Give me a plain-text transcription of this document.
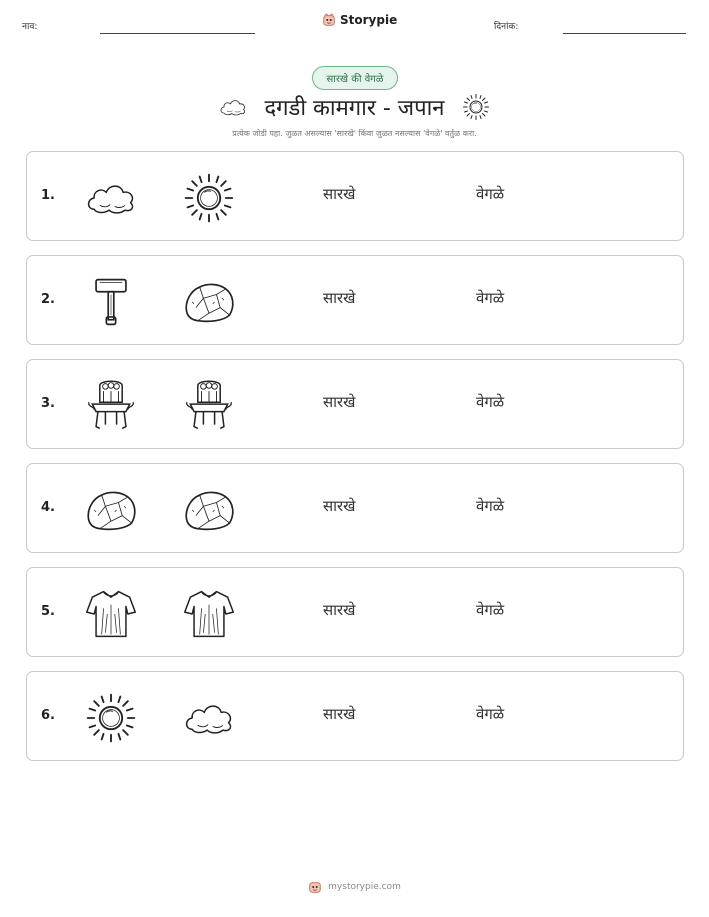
नाव:	Storypie	दिनांक:
सारखे की वेगळे
दगडी कामगार - जपान
प्रत्येक जोडी पहा. जुळत असल्यास 'सारखे' किंवा जुळत नसल्यास 'वेगळे' वर्तुळ करा.
1.	सारखे	वेगळे
2.	सारखे	वेगळे
3.	सारखे	वेगळे
4.	सारखे	वेगळे
5.	सारखे	वेगळे
6.	सारखे	वेगळे
mystorypie.com
